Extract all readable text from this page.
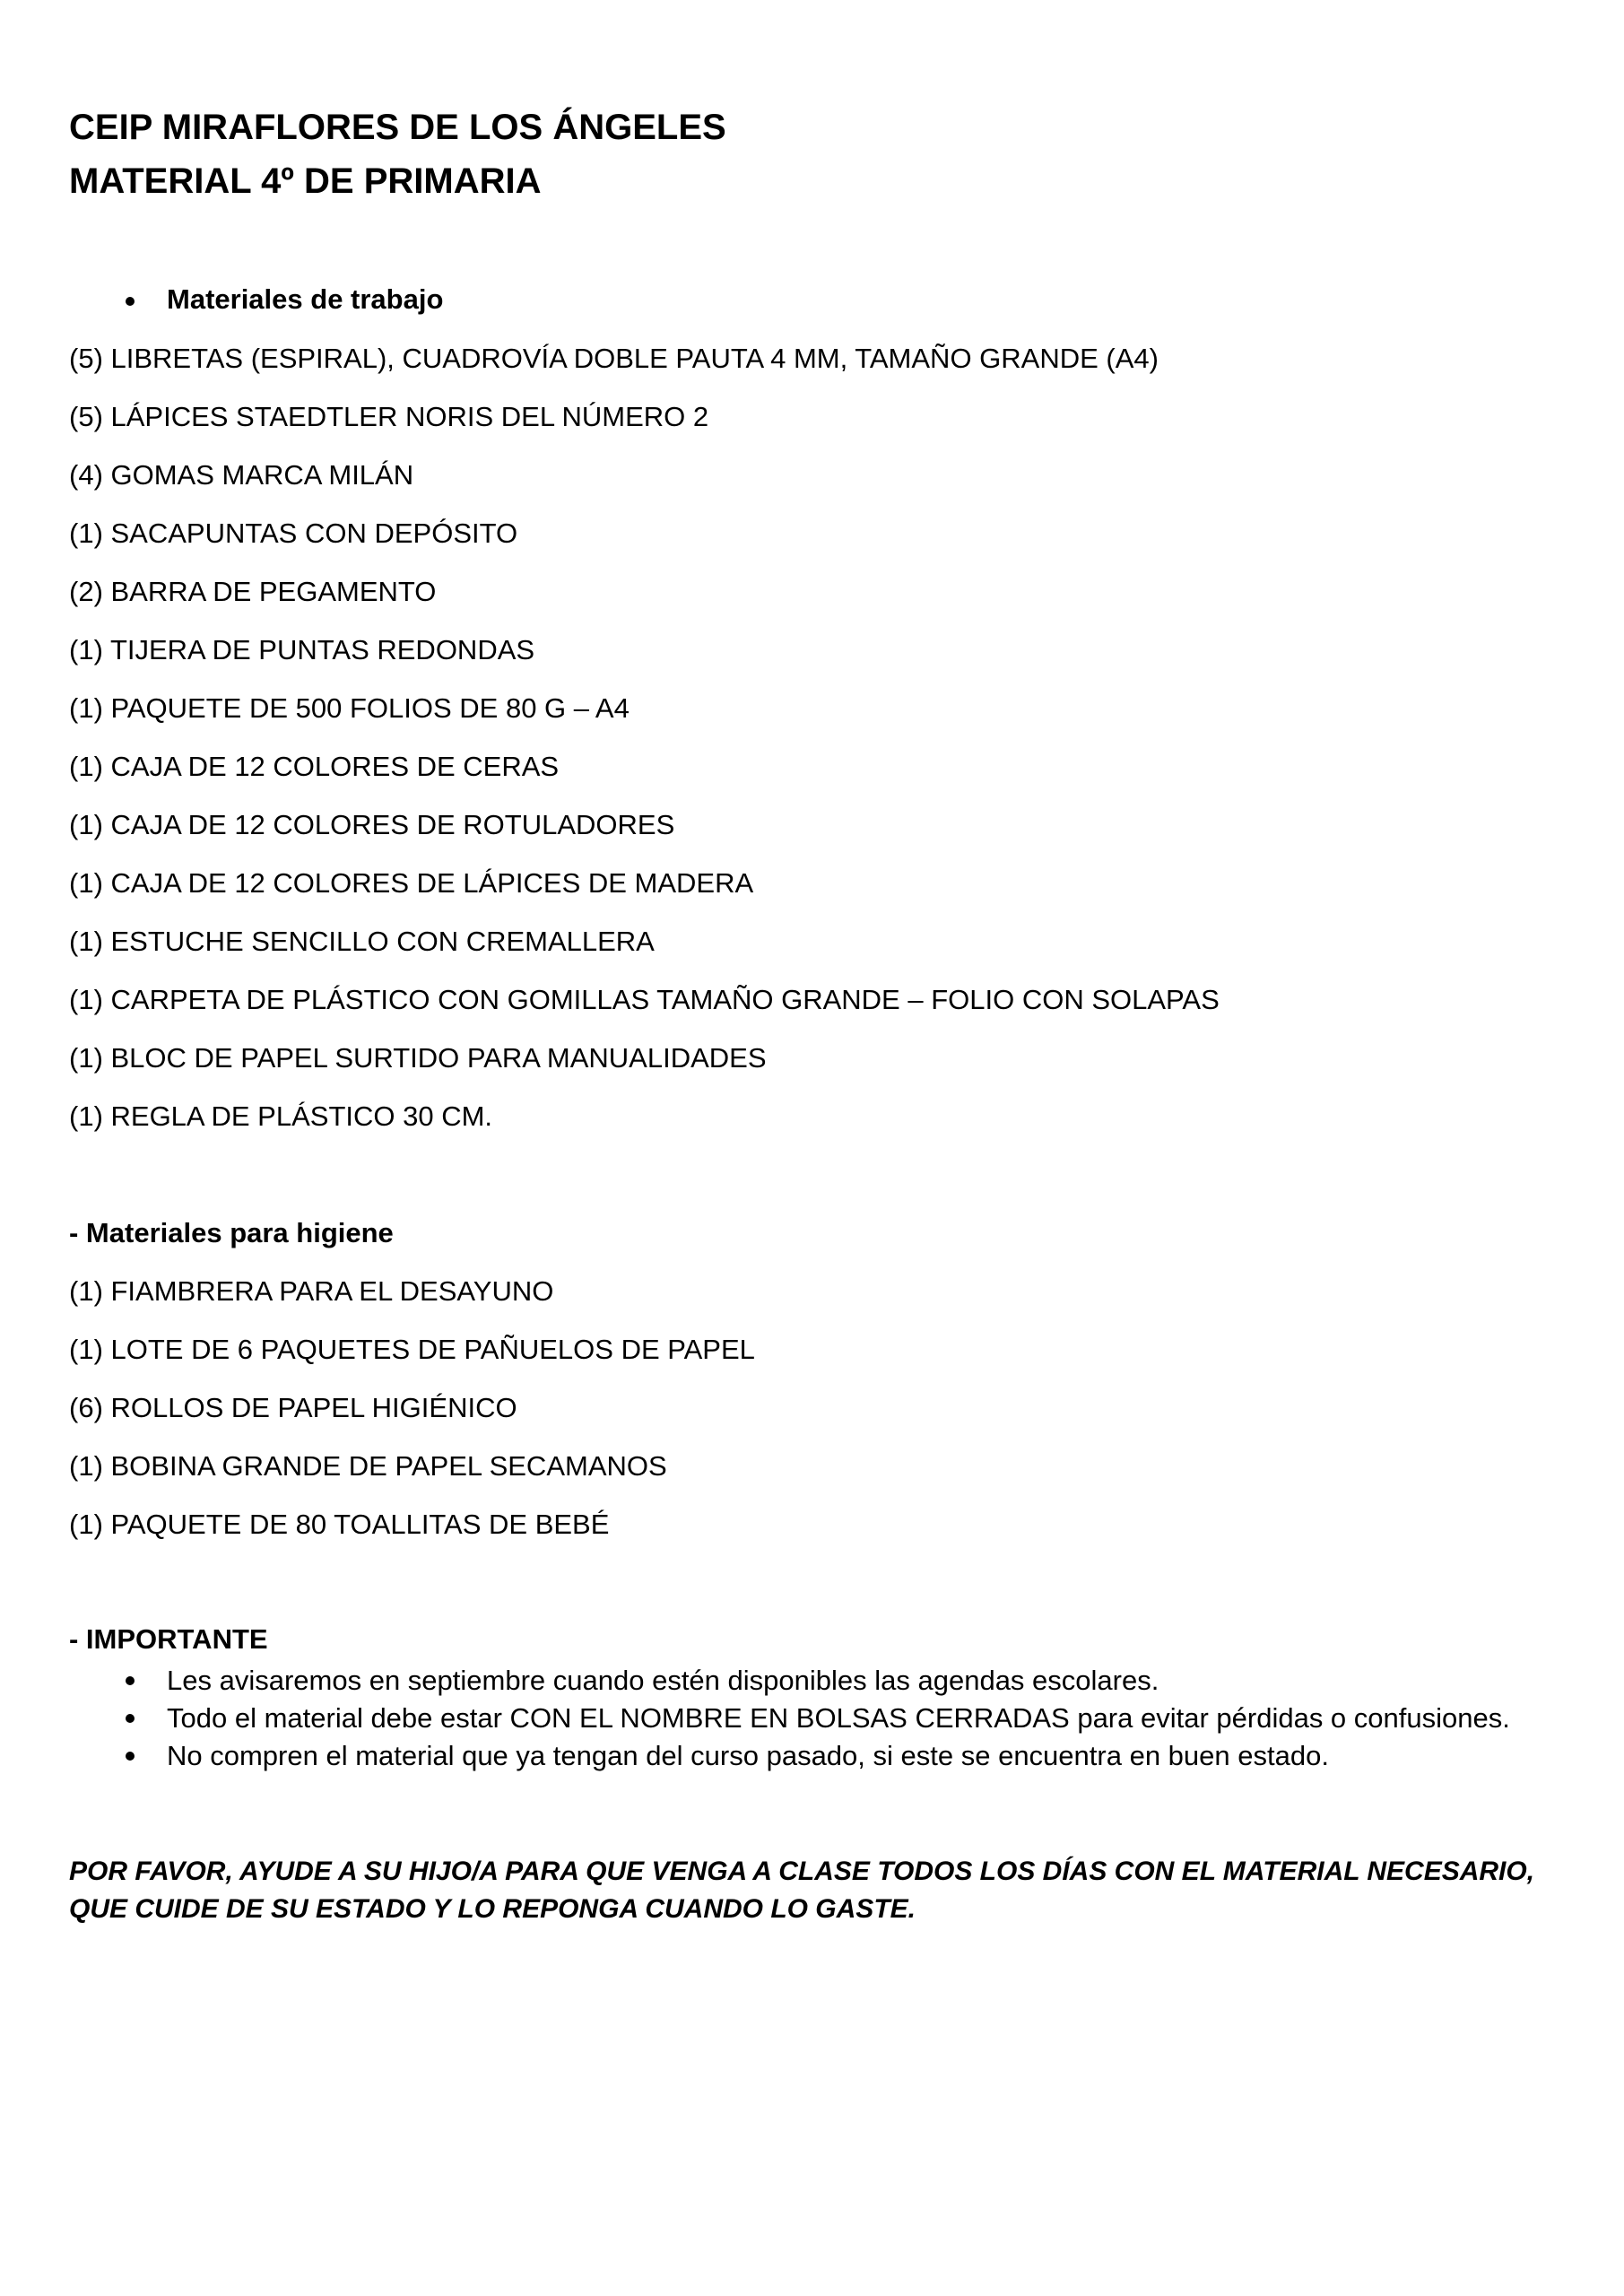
CEIP MIRAFLORES DE LOS ÁNGELES
MATERIAL 4º DE PRIMARIA
Materiales de trabajo
(5) LIBRETAS (ESPIRAL), CUADROVÍA DOBLE PAUTA 4 MM, TAMAÑO GRANDE (A4)
(5) LÁPICES STAEDTLER NORIS DEL NÚMERO 2
(4) GOMAS MARCA MILÁN
(1) SACAPUNTAS CON DEPÓSITO
(2) BARRA DE PEGAMENTO
(1) TIJERA DE PUNTAS REDONDAS
(1) PAQUETE DE 500 FOLIOS DE 80 G – A4
(1) CAJA DE 12 COLORES DE CERAS
(1) CAJA DE 12 COLORES DE ROTULADORES
(1) CAJA DE 12 COLORES DE LÁPICES DE MADERA
(1) ESTUCHE SENCILLO CON CREMALLERA
(1) CARPETA DE PLÁSTICO CON GOMILLAS TAMAÑO GRANDE – FOLIO CON SOLAPAS
(1) BLOC DE PAPEL SURTIDO PARA MANUALIDADES
(1) REGLA DE PLÁSTICO 30 CM.
- Materiales para higiene
(1) FIAMBRERA PARA EL DESAYUNO
(1) LOTE DE 6 PAQUETES DE PAÑUELOS DE PAPEL
(6) ROLLOS DE PAPEL HIGIÉNICO
(1) BOBINA GRANDE DE PAPEL SECAMANOS
(1) PAQUETE DE 80 TOALLITAS DE BEBÉ
- IMPORTANTE
Les avisaremos en septiembre cuando estén disponibles las agendas escolares.
Todo el material debe estar CON EL NOMBRE EN BOLSAS CERRADAS para evitar pérdidas o confusiones.
No compren el material que ya tengan del curso pasado, si este se encuentra en buen estado.
POR FAVOR, AYUDE A SU HIJO/A PARA QUE VENGA A CLASE TODOS LOS DÍAS CON EL MATERIAL NECESARIO, QUE CUIDE DE SU ESTADO Y LO REPONGA CUANDO LO GASTE.
